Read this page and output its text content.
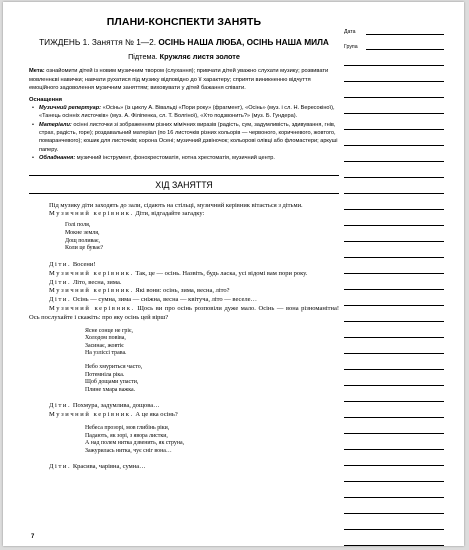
ПЛАНИ-КОНСПЕКТИ ЗАНЯТЬ
ТИЖДЕНЬ 1. Заняття № 1—2. ОСІНЬ НАША ЛЮБА, ОСІНЬ НАША МИЛА
Підтема. Кружляє листя золоте
Мета: ознайомити дітей із новим музичним твором (слухання); привчати дітей уважно слухати музику; розвивати мовленнєві навички; навчати рухатися під музику відповідно до її характеру; сприяти виникненню відчуття емоційного задоволення музичним заняттям; виховувати у дітей бажання співати.
Оснащення
• Музичний репертуар: «Осінь» (із циклу А. Вівальді «Пори року» (фрагмент), «Осінь» (муз. і сл. Н. Вересокіної), «Танець осінніх листочків» (муз. А. Філіпенка, сл. Т. Волгіної), «Хто подзвонить?» (муз. Б. Гундера).
• Матеріали: осінні листочки зі зображенням різних мімічних виразів (радість, сум, задумливість, здивування, гнів, страх, радість, горе); роздавальний матеріал (по 16 листочків різних кольорів — червоного, коричневого, жовтого, помаранчевого); кошик для листочків; корона Осені; музичний дзвіночок; кольорові олівці або фломастери; аркуші паперу.
• Обладнання: музичний інструмент, фонохрестоматія, нотна хрестоматія, музичний центр.
ХІД ЗАНЯТТЯ
Під музику діти заходять до зали, сідають на стільці, музичний керівник вітається з дітьми.
Музичний керівник. Діти, відгадайте загадку:
Голі поля,
Мокне земля,
Дощ поливає,
Коли це буває?
Діти. Восени!
Музичний керівник. Так, це — осінь. Назвіть, будь ласка, усі відомі вам пори року.
Діти. Літо, весна, зима.
Музичний керівник. Які вони: осінь, зима, весна, літо?
Діти. Осінь — сумна, зима — сніжна, весна — квітуча, літо — веселе…
Музичний керівник. Щось ви про осінь розповіли дуже мало. Осінь — вона різноманітна! Ось послухайте і скажіть: про яку осінь цей вірш?
Ясне сонце не гріє,
Холодом повіва,
Засинає, жовтіє
На узліссі трава.
Небо хмуриться часто,
Потемніла ріка.
Щоб дощами упасти,
Плине хмара важка.
Діти. Похмура, задумлива, дощова…
Музичний керівник. А це яка осінь?
Небеса прозорі, мов глибінь ріки,
Падають, як зорі, з явора листки,
А над полем нитка дзвенить, як струна,
Зажурилась нитка, чує сніг вона…
Діти. Красива, чарівна, сумна…
Дата
Група
7
